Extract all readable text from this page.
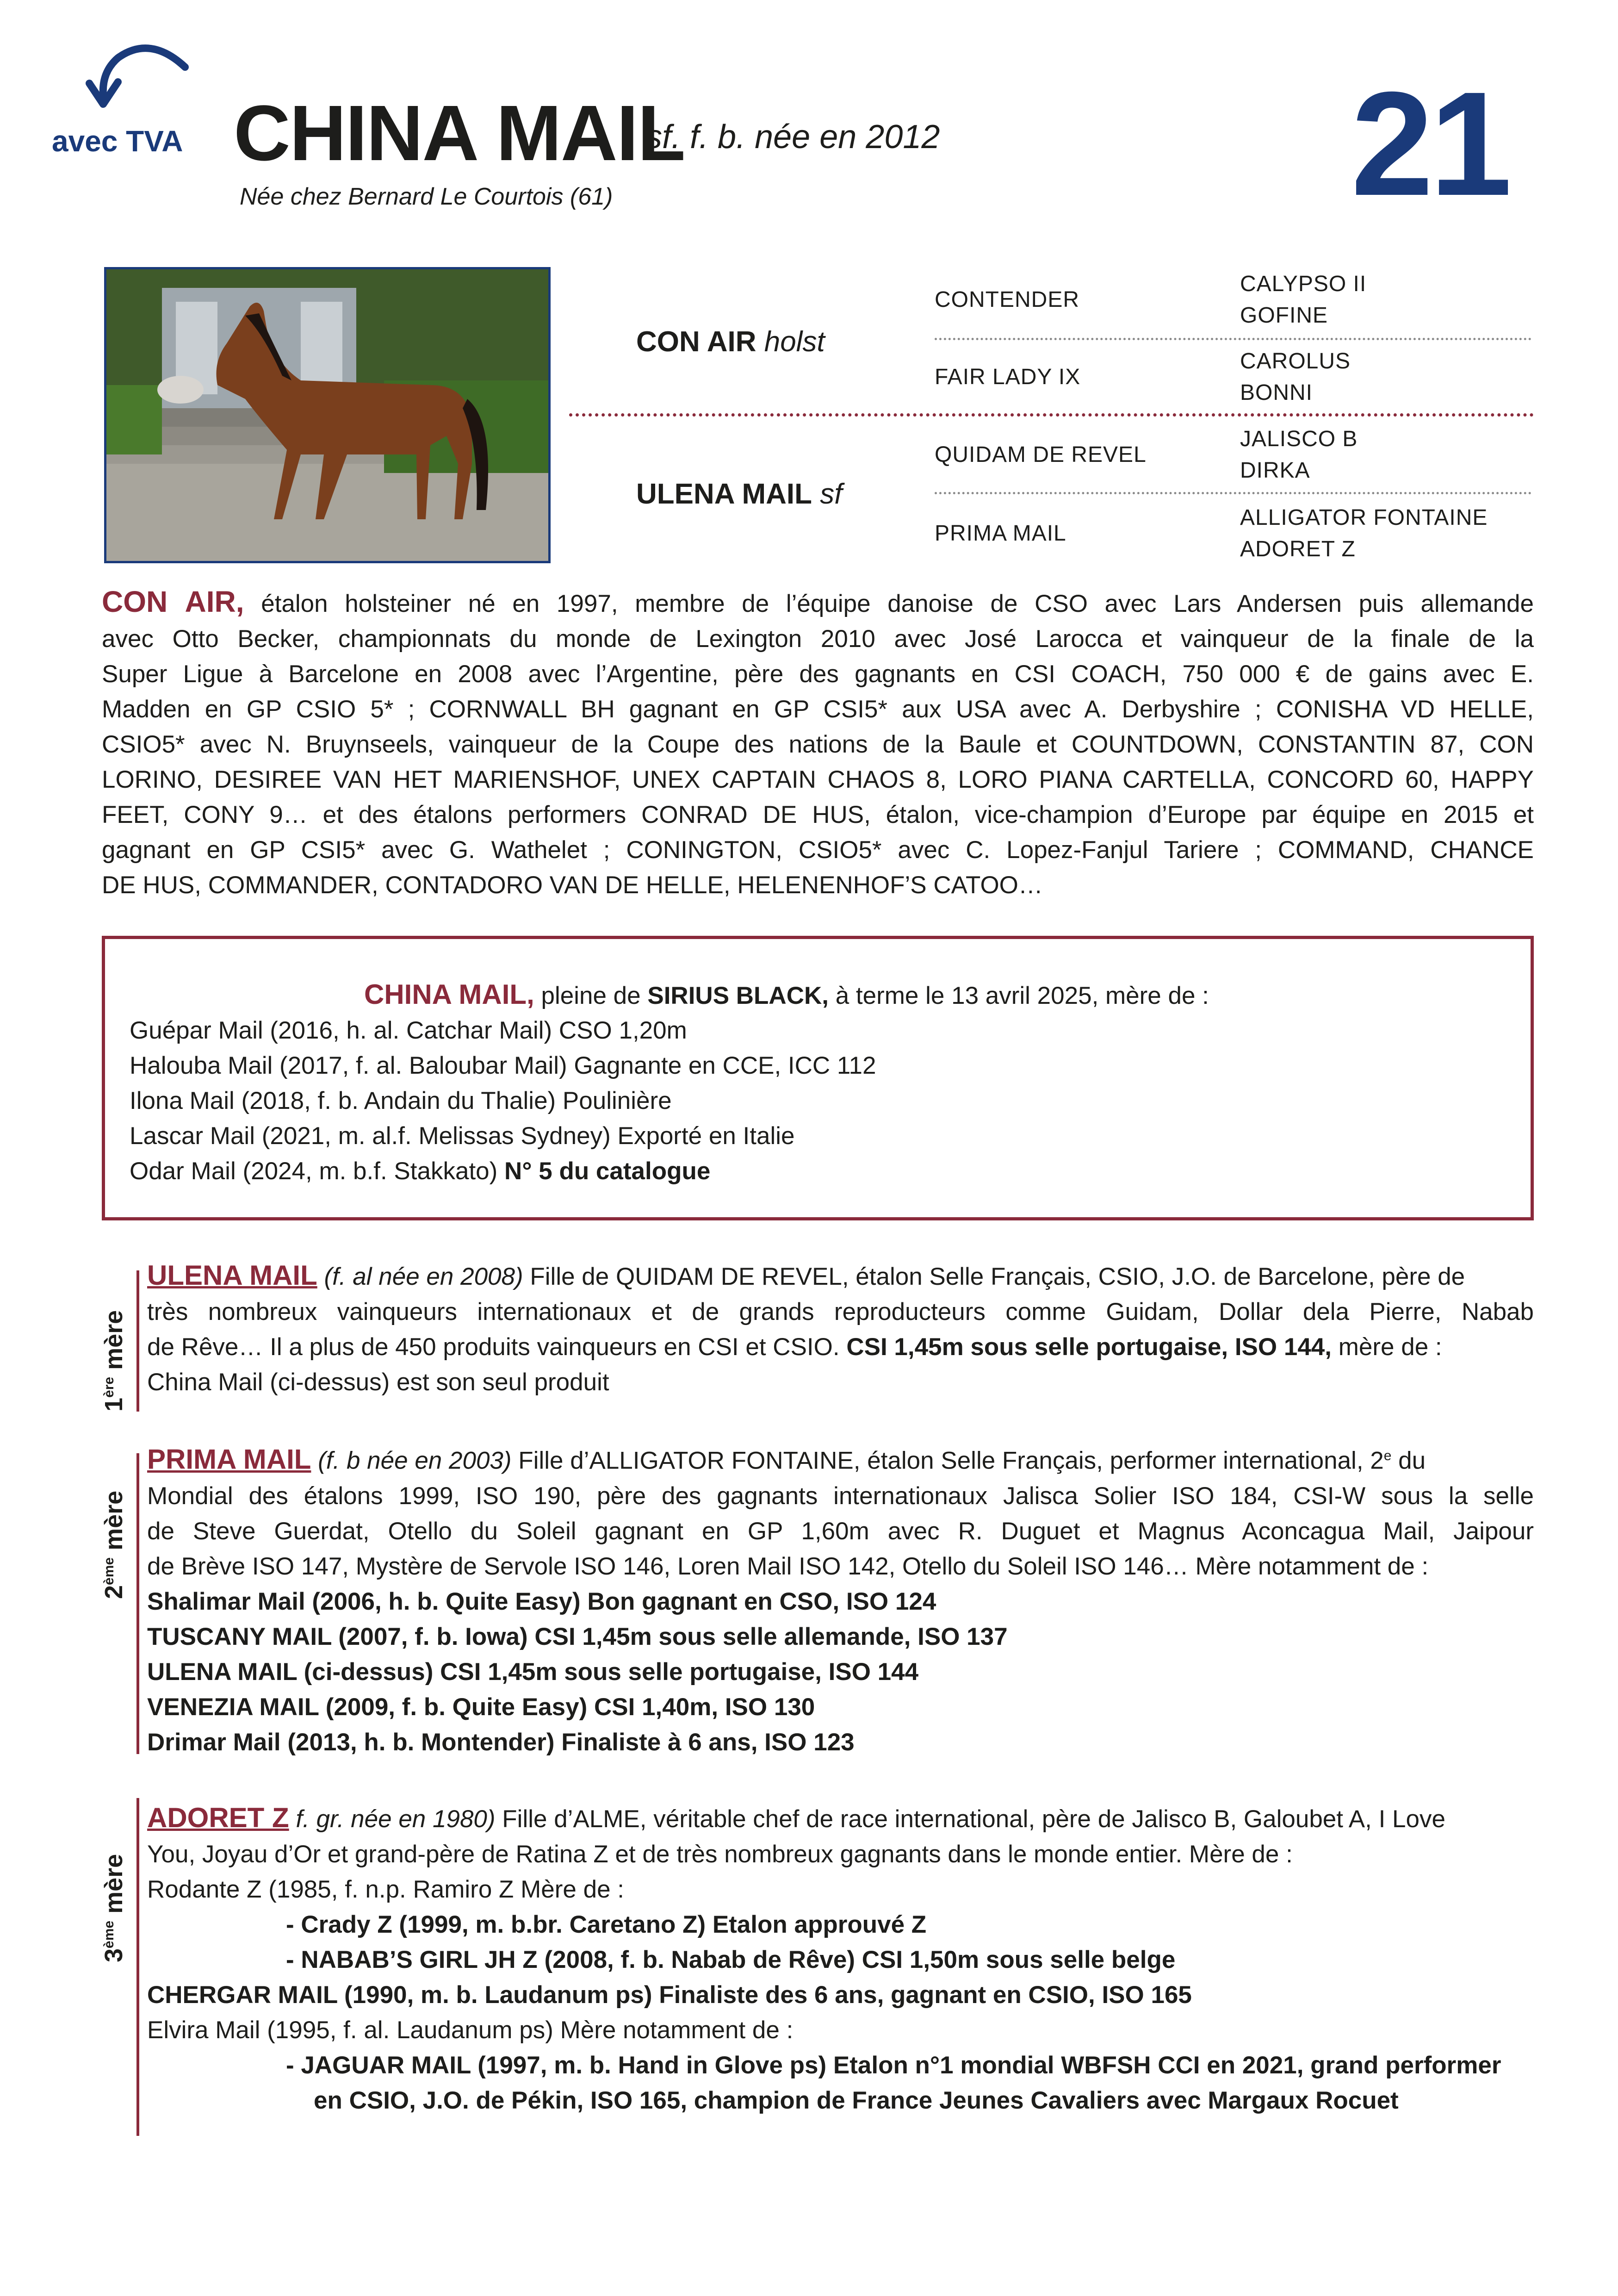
avec TVA CHINA MAIL
sf. f. b. née en 2012
Née chez Bernard Le Courtois (61)	21
CON AIR holst
ULENA MAIL sf
CONTENDER
FAIR LADY IX
QUIDAM DE REVEL
PRIMA MAIL
CALYPSO II
GOFINE
CAROLUS
BONNI
JALISCO B
DIRKA
ALLIGATOR FONTAINE
ADORET Z
CON AIR, étalon holsteiner né en 1997, membre de l’équipe danoise de CSO avec Lars Andersen puis allemande
avec Otto Becker, championnats du monde de Lexington 2010 avec José Larocca et vainqueur de la finale de la
Super Ligue à Barcelone en 2008 avec l’Argentine, père des gagnants en CSI COACH, 750 000 € de gains avec E.
Madden en GP CSIO 5* ; CORNWALL BH gagnant en GP CSI5* aux USA avec A. Derbyshire ; CONISHA VD HELLE,
CSIO5* avec N. Bruynseels, vainqueur de la Coupe des nations de la Baule et COUNTDOWN, CONSTANTIN 87, CON
LORINO, DESIREE VAN HET MARIENSHOF, UNEX CAPTAIN CHAOS 8, LORO PIANA CARTELLA, CONCORD 60, HAPPY
FEET, CONY 9… et des étalons performers CONRAD DE HUS, étalon, vice-champion d’Europe par équipe en 2015 et
gagnant en GP CSI5* avec G. Wathelet ; CONINGTON, CSIO5* avec C. Lopez-Fanjul Tariere ; COMMAND, CHANCE
DE HUS, COMMANDER, CONTADORO VAN DE HELLE, HELENENHOF’S CATOO…
CHINA MAIL, pleine de SIRIUS BLACK, à terme le 13 avril 2025, mère de :
Guépar Mail (2016, h. al. Catchar Mail) CSO 1,20m
Halouba Mail (2017, f. al. Baloubar Mail) Gagnante en CCE, ICC 112
Ilona Mail (2018, f. b. Andain du Thalie) Poulinière
Lascar Mail (2021, m. al.f. Melissas Sydney) Exporté en Italie
Odar Mail (2024, m. b.f. Stakkato) N° 5 du catalogue
1ère mère
ULENA MAIL (f. al née en 2008) Fille de QUIDAM DE REVEL, étalon Selle Français, CSIO, J.O. de Barcelone, père de
très nombreux vainqueurs internationaux et de grands reproducteurs comme Guidam, Dollar dela Pierre, Nabab
de Rêve… Il a plus de 450 produits vainqueurs en CSI et CSIO. CSI 1,45m sous selle portugaise, ISO 144, mère de :
China Mail (ci-dessus) est son seul produit
2ème mère
PRIMA MAIL (f. b née en 2003) Fille d’ALLIGATOR FONTAINE, étalon Selle Français, performer international, 2e du
Mondial des étalons 1999, ISO 190, père des gagnants internationaux Jalisca Solier ISO 184, CSI-W sous la selle
de Steve Guerdat, Otello du Soleil gagnant en GP 1,60m avec R. Duguet et Magnus Aconcagua Mail, Jaipour
de Brève ISO 147, Mystère de Servole ISO 146, Loren Mail ISO 142, Otello du Soleil ISO 146… Mère notamment de :
Shalimar Mail (2006, h. b. Quite Easy) Bon gagnant en CSO, ISO 124
TUSCANY MAIL (2007, f. b. Iowa) CSI 1,45m sous selle allemande, ISO 137
ULENA MAIL (ci-dessus) CSI 1,45m sous selle portugaise, ISO 144
VENEZIA MAIL (2009, f. b. Quite Easy) CSI 1,40m, ISO 130
Drimar Mail (2013, h. b. Montender) Finaliste à 6 ans, ISO 123
3ème mère
ADORET Z f. gr. née en 1980) Fille d’ALME, véritable chef de race international, père de Jalisco B, Galoubet A, I Love
You, Joyau d’Or et grand-père de Ratina Z et de très nombreux gagnants dans le monde entier. Mère de :
Rodante Z (1985, f. n.p. Ramiro Z Mère de :
- Crady Z (1999, m. b.br. Caretano Z) Etalon approuvé Z
- NABAB’S GIRL JH Z (2008, f. b. Nabab de Rêve) CSI 1,50m sous selle belge
CHERGAR MAIL (1990, m. b. Laudanum ps) Finaliste des 6 ans, gagnant en CSIO, ISO 165
Elvira Mail (1995, f. al. Laudanum ps) Mère notamment de :
- JAGUAR MAIL (1997, m. b. Hand in Glove ps) Etalon n°1 mondial WBFSH CCI en 2021, grand performer
en CSIO, J.O. de Pékin, ISO 165, champion de France Jeunes Cavaliers avec Margaux Rocuet
